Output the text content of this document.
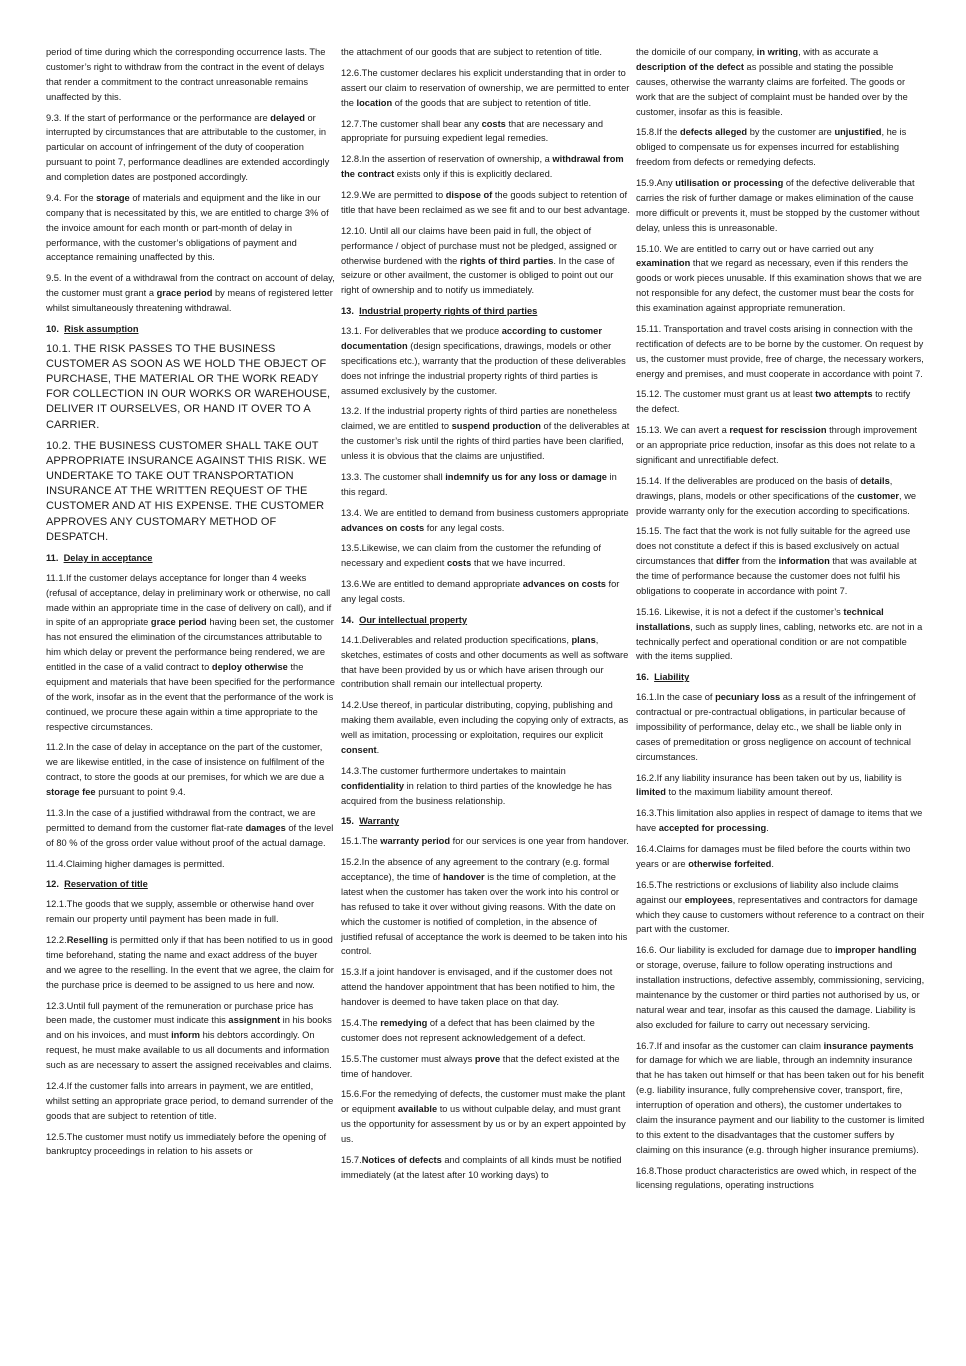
period of time during which the corresponding occurrence lasts. The customer’s right to withdraw from the contract in the event of delays that render a commitment to the contract unreasonable remains unaffected by this.

9.3. If the start of performance or the performance are delayed or interrupted by circumstances that are attributable to the customer, in particular on account of infringement of the duty of cooperation pursuant to point 7, performance deadlines are extended accordingly and completion dates are postponed accordingly.

9.4. For the storage of materials and equipment and the like in our company that is necessitated by this, we are entitled to charge 3% of the invoice amount for each month or part-month of delay in performance, with the customer’s obligations of payment and acceptance remaining unaffected by this.

9.5. In the event of a withdrawal from the contract on account of delay, the customer must grant a grace period by means of registered letter whilst simultaneously threatening withdrawal.

10. Risk assumption

10.1. THE RISK PASSES TO THE BUSINESS CUSTOMER AS SOON AS WE HOLD THE OBJECT OF PURCHASE, THE MATERIAL OR THE WORK READY FOR COLLECTION IN OUR WORKS OR WAREHOUSE, DELIVER IT OURSELVES, OR HAND IT OVER TO A CARRIER.

10.2. THE BUSINESS CUSTOMER SHALL TAKE OUT APPROPRIATE INSURANCE AGAINST THIS RISK. WE UNDERTAKE TO TAKE OUT TRANSPORTATION INSURANCE AT THE WRITTEN REQUEST OF THE CUSTOMER AND AT HIS EXPENSE. THE CUSTOMER APPROVES ANY CUSTOMARY METHOD OF DESPATCH.

11. Delay in acceptance

11.1.If the customer delays acceptance for longer than 4 weeks (refusal of acceptance, delay in preliminary work or otherwise, no call made within an appropriate time in the case of delivery on call), and if in spite of an appropriate grace period having been set, the customer has not ensured the elimination of the circumstances attributable to him which delay or prevent the performance being rendered, we are entitled in the case of a valid contract to deploy otherwise the equipment and materials that have been specified for the performance of the work, insofar as in the event that the performance of the work is continued, we procure these again within a time appropriate to the respective circumstances.

11.2.In the case of delay in acceptance on the part of the customer, we are likewise entitled, in the case of insistence on fulfilment of the contract, to store the goods at our premises, for which we are due a storage fee pursuant to point 9.4.

11.3.In the case of a justified withdrawal from the contract, we are permitted to demand from the customer flat-rate damages of the level of 80 % of the gross order value without proof of the actual damage.

11.4.Claiming higher damages is permitted.

12. Reservation of title

12.1.The goods that we supply, assemble or otherwise hand over remain our property until payment has been made in full.

12.2.Reselling is permitted only if that has been notified to us in good time beforehand, stating the name and exact address of the buyer and we agree to the reselling. In the event that we agree, the claim for the purchase price is deemed to be assigned to us here and now.

12.3.Until full payment of the remuneration or purchase price has been made, the customer must indicate this assignment in his books and on his invoices, and must inform his debtors accordingly. On request, he must make available to us all documents and information such as are necessary to assert the assigned receivables and claims.

12.4.If the customer falls into arrears in payment, we are entitled, whilst setting an appropriate grace period, to demand surrender of the goods that are subject to retention of title.

12.5.The customer must notify us immediately before the opening of bankruptcy proceedings in relation to his assets or

the attachment of our goods that are subject to retention of title.

12.6.The customer declares his explicit understanding that in order to assert our claim to reservation of ownership, we are permitted to enter the location of the goods that are subject to retention of title.

12.7.The customer shall bear any costs that are necessary and appropriate for pursuing expedient legal remedies.

12.8.In the assertion of reservation of ownership, a withdrawal from the contract exists only if this is explicitly declared.

12.9.We are permitted to dispose of the goods subject to retention of title that have been reclaimed as we see fit and to our best advantage.

12.10. Until all our claims have been paid in full, the object of performance / object of purchase must not be pledged, assigned or otherwise burdened with the rights of third parties. In the case of seizure or other availment, the customer is obliged to point out our right of ownership and to notify us immediately.

13. Industrial property rights of third parties

13.1. For deliverables that we produce according to customer documentation (design specifications, drawings, models or other specifications etc.), warranty that the production of these deliverables does not infringe the industrial property rights of third parties is assumed exclusively by the customer.

13.2. If the industrial property rights of third parties are nonetheless claimed, we are entitled to suspend production of the deliverables at the customer’s risk until the rights of third parties have been clarified, unless it is obvious that the claims are unjustified.

13.3. The customer shall indemnify us for any loss or damage in this regard.

13.4. We are entitled to demand from business customers appropriate advances on costs for any legal costs.

13.5.Likewise, we can claim from the customer the refunding of necessary and expedient costs that we have incurred.

13.6.We are entitled to demand appropriate advances on costs for any legal costs.

14. Our intellectual property

14.1.Deliverables and related production specifications, plans, sketches, estimates of costs and other documents as well as software that have been provided by us or which have arisen through our contribution shall remain our intellectual property.

14.2.Use thereof, in particular distributing, copying, publishing and making them available, even including the copying only of extracts, as well as imitation, processing or exploitation, requires our explicit consent.

14.3.The customer furthermore undertakes to maintain confidentiality in relation to third parties of the knowledge he has acquired from the business relationship.

15. Warranty

15.1.The warranty period for our services is one year from handover.

15.2.In the absence of any agreement to the contrary (e.g. formal acceptance), the time of handover is the time of completion, at the latest when the customer has taken over the work into his control or has refused to take it over without giving reasons. With the date on which the customer is notified of completion, in the absence of justified refusal of acceptance the work is deemed to be taken into his control.

15.3.If a joint handover is envisaged, and if the customer does not attend the handover appointment that has been notified to him, the handover is deemed to have taken place on that day.

15.4.The remedying of a defect that has been claimed by the customer does not represent acknowledgement of a defect.

15.5.The customer must always prove that the defect existed at the time of handover.

15.6.For the remedying of defects, the customer must make the plant or equipment available to us without culpable delay, and must grant us the opportunity for assessment by us or by an expert appointed by us.

15.7.Notices of defects and complaints of all kinds must be notified immediately (at the latest after 10 working days) to

the domicile of our company, in writing, with as accurate a description of the defect as possible and stating the possible causes, otherwise the warranty claims are forfeited. The goods or work that are the subject of complaint must be handed over by the customer, insofar as this is feasible.

15.8.If the defects alleged by the customer are unjustified, he is obliged to compensate us for expenses incurred for establishing freedom from defects or remedying defects.

15.9.Any utilisation or processing of the defective deliverable that carries the risk of further damage or makes elimination of the cause more difficult or prevents it, must be stopped by the customer without delay, unless this is unreasonable.

15.10. We are entitled to carry out or have carried out any examination that we regard as necessary, even if this renders the goods or work pieces unusable. If this examination shows that we are not responsible for any defect, the customer must bear the costs for this examination against appropriate remuneration.

15.11. Transportation and travel costs arising in connection with the rectification of defects are to be borne by the customer. On request by us, the customer must provide, free of charge, the necessary workers, energy and premises, and must cooperate in accordance with point 7.

15.12. The customer must grant us at least two attempts to rectify the defect.

15.13. We can avert a request for rescission through improvement or an appropriate price reduction, insofar as this does not relate to a significant and unrectifiable defect.

15.14. If the deliverables are produced on the basis of details, drawings, plans, models or other specifications of the customer, we provide warranty only for the execution according to specifications.

15.15. The fact that the work is not fully suitable for the agreed use does not constitute a defect if this is based exclusively on actual circumstances that differ from the information that was available at the time of performance because the customer does not fulfil his obligations to cooperate in accordance with point 7.

15.16. Likewise, it is not a defect if the customer’s technical installations, such as supply lines, cabling, networks etc. are not in a technically perfect and operational condition or are not compatible with the items supplied.

16. Liability

16.1.In the case of pecuniary loss as a result of the infringement of contractual or pre-contractual obligations, in particular because of impossibility of performance, delay etc., we shall be liable only in cases of premeditation or gross negligence on account of technical circumstances.

16.2.If any liability insurance has been taken out by us, liability is limited to the maximum liability amount thereof.

16.3.This limitation also applies in respect of damage to items that we have accepted for processing.

16.4.Claims for damages must be filed before the courts within two years or are otherwise forfeited.

16.5.The restrictions or exclusions of liability also include claims against our employees, representatives and contractors for damage which they cause to customers without reference to a contract on their part with the customer.

16.6. Our liability is excluded for damage due to improper handling or storage, overuse, failure to follow operating instructions and installation instructions, defective assembly, commissioning, servicing, maintenance by the customer or third parties not authorised by us, or natural wear and tear, insofar as this caused the damage. Liability is also excluded for failure to carry out necessary servicing.

16.7.If and insofar as the customer can claim insurance payments for damage for which we are liable, through an indemnity insurance that he has taken out himself or that has been taken out for his benefit (e.g. liability insurance, fully comprehensive cover, transport, fire, interruption of operation and others), the customer undertakes to claim the insurance payment and our liability to the customer is limited to this extent to the disadvantages that the customer suffers by claiming on this insurance (e.g. through higher insurance premiums).

16.8.Those product characteristics are owed which, in respect of the licensing regulations, operating instructions
